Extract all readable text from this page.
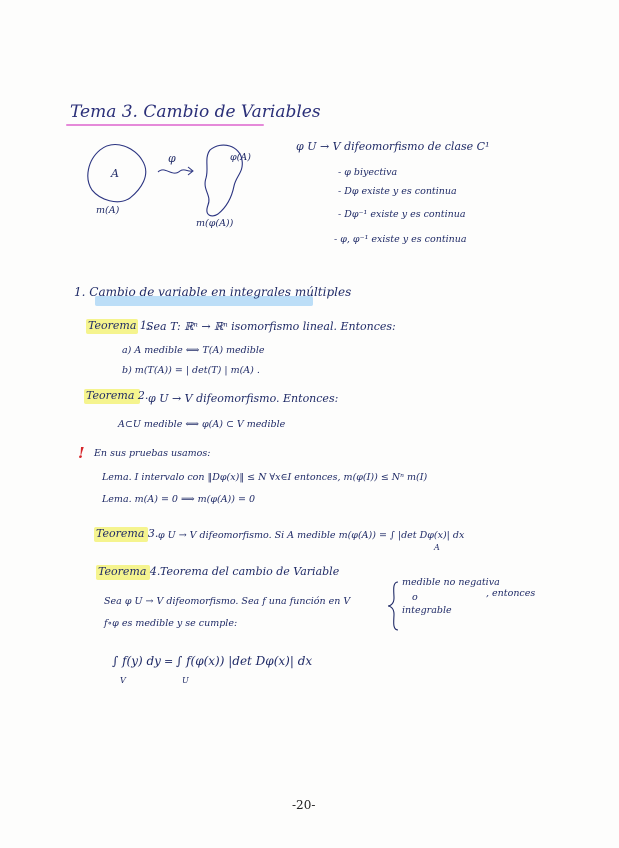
Tema 3. Cambio de Variables
A
φ	φ(A)
m(A)
m(φ(A))
φ U → V difeomorfismo de clase C¹
- φ biyectiva
- Dφ existe y es continua
- Dφ⁻¹ existe y es continua
- φ, φ⁻¹ existe y es continua
1. Cambio de variable en integrales múltiples
Teorema 1.
Sea T: ℝⁿ → ℝⁿ isomorfismo lineal. Entonces:
a) A medible ⟺ T(A) medible
b) m(T(A)) = | det(T) | m(A) .
Teorema 2. φ U → V difeomorfismo. Entonces:
A⊂U medible ⟺ φ(A) ⊂ V medible
! En sus pruebas usamos:
Lema. I intervalo con ‖Dφ(x)‖ ≤ N ∀x∈I entonces, m(φ(I)) ≤ Nⁿ m(I)
Lema. m(A) = 0 ⟹ m(φ(A)) = 0
Teorema 3. φ U → V difeomorfismo. Si A medible m(φ(A)) = ∫ |det Dφ(x)| dx
A
Teorema 4. Teorema del cambio de Variable
Sea φ U → V difeomorfismo. Sea f una función en V
medible no negativa
o
integrable
, entonces
f∘φ es medible y se cumple:
∫ f(y) dy
V
= ∫ f(φ(x)) |det Dφ(x)| dx
U
-20-
